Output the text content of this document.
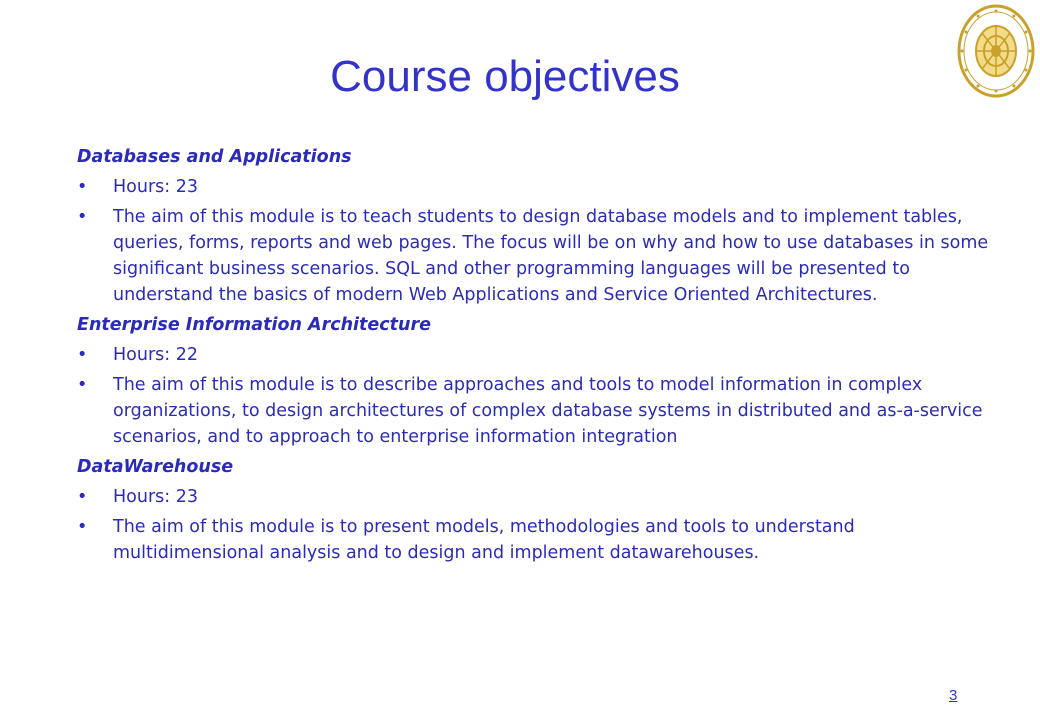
Course objectives
Databases and Applications
•	Hours: 23
•	The aim of this module is to teach students to design database models and to implement tables, queries, forms, reports and web pages. The focus will be on why and how to use databases in some significant business scenarios. SQL and other programming languages will be presented to understand the basics of modern Web Applications and Service Oriented Architectures.
Enterprise Information Architecture
•	Hours: 22
•	The aim of this module is to describe approaches and tools to model information in complex organizations, to design architectures of complex database systems in distributed and as-a-service scenarios, and to approach to enterprise information integration
DataWarehouse
•	Hours: 23
•	The aim of this module is to present models, methodologies and tools to understand multidimensional analysis and to design and implement datawarehouses.
3
